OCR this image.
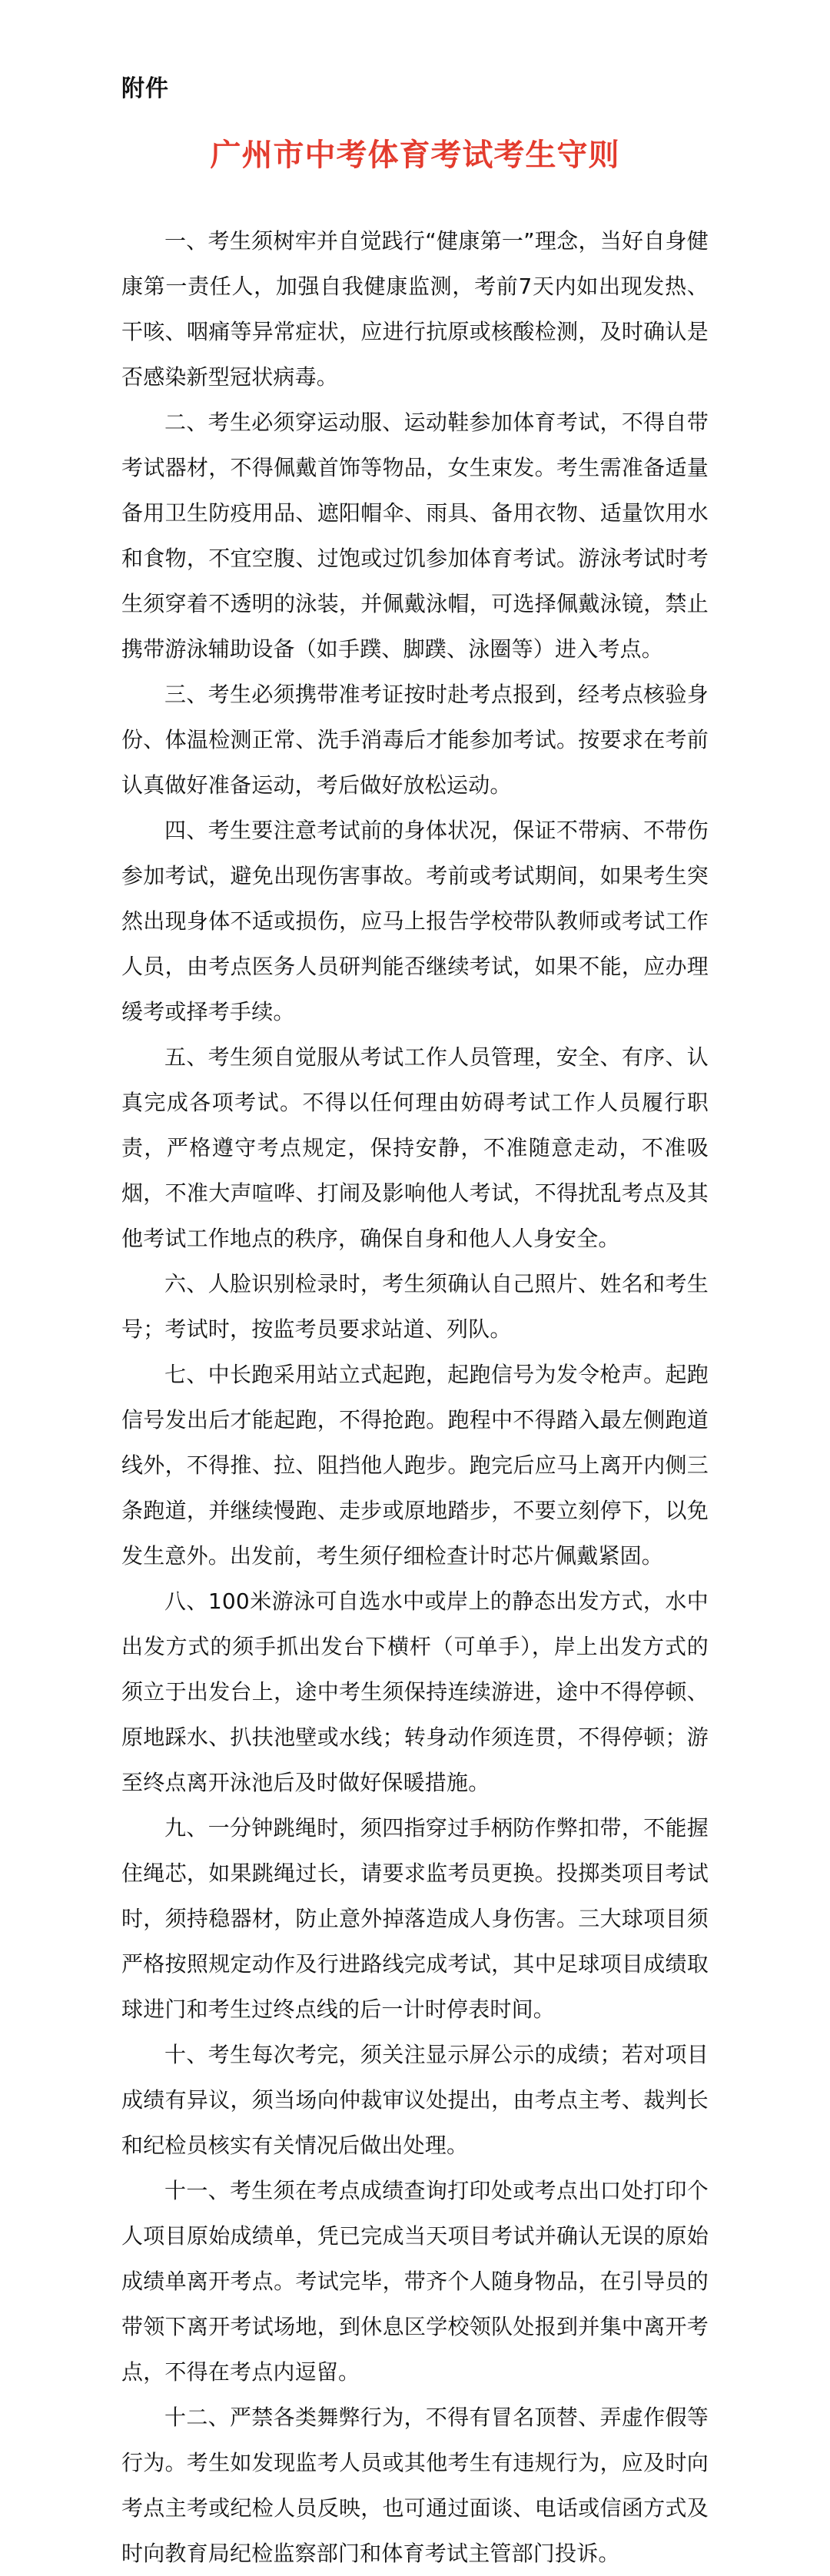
附件
广州市中考体育考试考生守则

一、考生须树牢并自觉践行“健康第一”理念，当好自身健康第一责任人，加强自我健康监测，考前7天内如出现发热、干咳、咽痛等异常症状，应进行抗原或核酸检测，及时确认是否感染新型冠状病毒。

二、考生必须穿运动服、运动鞋参加体育考试，不得自带考试器材，不得佩戴首饰等物品，女生束发。考生需准备适量备用卫生防疫用品、遮阳帽伞、雨具、备用衣物、适量饮用水和食物，不宜空腹、过饱或过饥参加体育考试。游泳考试时考生须穿着不透明的泳装，并佩戴泳帽，可选择佩戴泳镜，禁止携带游泳辅助设备（如手蹼、脚蹼、泳圈等）进入考点。

三、考生必须携带准考证按时赴考点报到，经考点核验身份、体温检测正常、洗手消毒后才能参加考试。按要求在考前认真做好准备运动，考后做好放松运动。

四、考生要注意考试前的身体状况，保证不带病、不带伤参加考试，避免出现伤害事故。考前或考试期间，如果考生突然出现身体不适或损伤，应马上报告学校带队教师或考试工作人员，由考点医务人员研判能否继续考试，如果不能，应办理缓考或择考手续。

五、考生须自觉服从考试工作人员管理，安全、有序、认真完成各项考试。不得以任何理由妨碍考试工作人员履行职责，严格遵守考点规定，保持安静，不准随意走动，不准吸烟，不准大声喧哗、打闹及影响他人考试，不得扰乱考点及其他考试工作地点的秩序，确保自身和他人人身安全。

六、人脸识别检录时，考生须确认自己照片、姓名和考生号；考试时，按监考员要求站道、列队。

七、中长跑采用站立式起跑，起跑信号为发令枪声。起跑信号发出后才能起跑，不得抢跑。跑程中不得踏入最左侧跑道线外，不得推、拉、阻挡他人跑步。跑完后应马上离开内侧三条跑道，并继续慢跑、走步或原地踏步，不要立刻停下，以免发生意外。出发前，考生须仔细检查计时芯片佩戴紧固。

八、100米游泳可自选水中或岸上的静态出发方式，水中出发方式的须手抓出发台下横杆（可单手），岸上出发方式的须立于出发台上，途中考生须保持连续游进，途中不得停顿、原地踩水、扒扶池壁或水线；转身动作须连贯，不得停顿；游至终点离开泳池后及时做好保暖措施。

九、一分钟跳绳时，须四指穿过手柄防作弊扣带，不能握住绳芯，如果跳绳过长，请要求监考员更换。投掷类项目考试时，须持稳器材，防止意外掉落造成人身伤害。三大球项目须严格按照规定动作及行进路线完成考试，其中足球项目成绩取球进门和考生过终点线的后一计时停表时间。

十、考生每次考完，须关注显示屏公示的成绩；若对项目成绩有异议，须当场向仲裁审议处提出，由考点主考、裁判长和纪检员核实有关情况后做出处理。

十一、考生须在考点成绩查询打印处或考点出口处打印个人项目原始成绩单，凭已完成当天项目考试并确认无误的原始成绩单离开考点。考试完毕，带齐个人随身物品，在引导员的带领下离开考试场地，到休息区学校领队处报到并集中离开考点，不得在考点内逗留。

十二、严禁各类舞弊行为，不得有冒名顶替、弄虚作假等行为。考生如发现监考人员或其他考生有违规行为，应及时向考点主考或纪检人员反映，也可通过面谈、电话或信函方式及时向教育局纪检监察部门和体育考试主管部门投诉。
